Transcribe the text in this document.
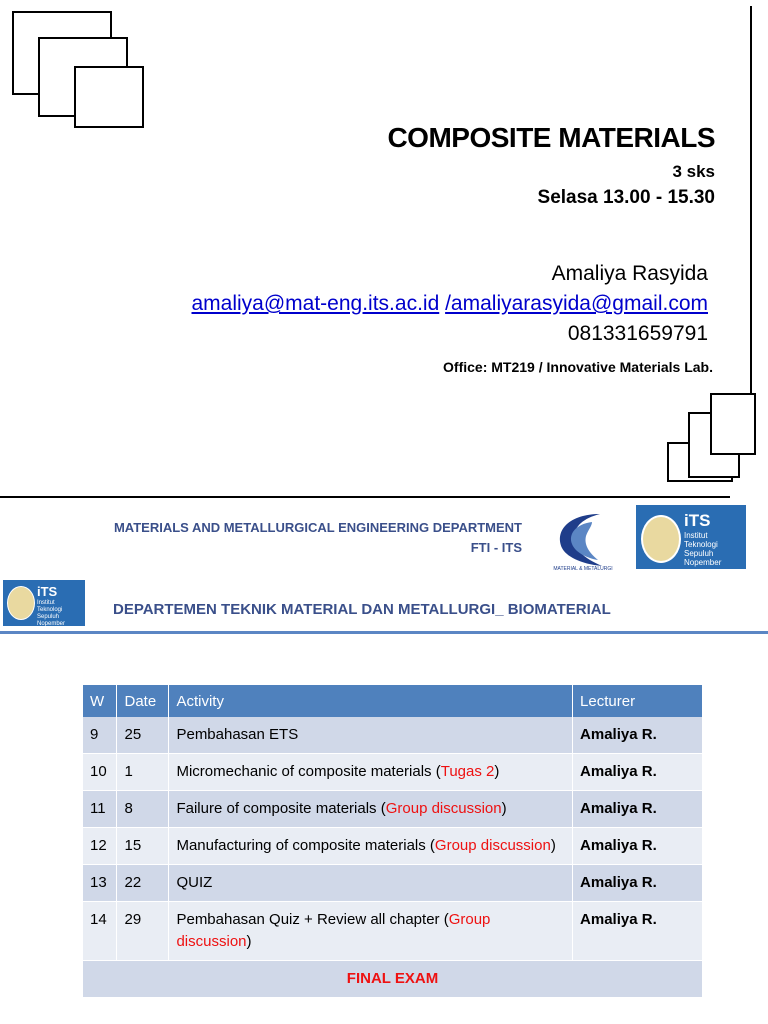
COMPOSITE MATERIALS
3 sks
Selasa 13.00 - 15.30
Amaliya Rasyida
amaliya@mat-eng.its.ac.id /amaliyarasyida@gmail.com
081331659791
Office: MT219 / Innovative Materials Lab.
MATERIALS AND METALLURGICAL ENGINEERING DEPARTMENT
FTI - ITS
MATERIAL & METALURGI
iTS
Institut
Teknologi
Sepuluh Nopember
iTS
Institut
Teknologi
Sepuluh Nopember
DEPARTEMEN TEKNIK MATERIAL DAN METALLURGI_ BIOMATERIAL
W	Date	Activity	Lecturer
9	25	Pembahasan ETS	Amaliya R.
10	1	Micromechanic of composite materials (Tugas 2)	Amaliya R.
11	8	Failure of composite materials (Group discussion)	Amaliya R.
12	15	Manufacturing of composite materials (Group discussion)	Amaliya R.
13	22	QUIZ	Amaliya R.
14	29	Pembahasan Quiz + Review all chapter (Group discussion)	Amaliya R.
FINAL EXAM			
